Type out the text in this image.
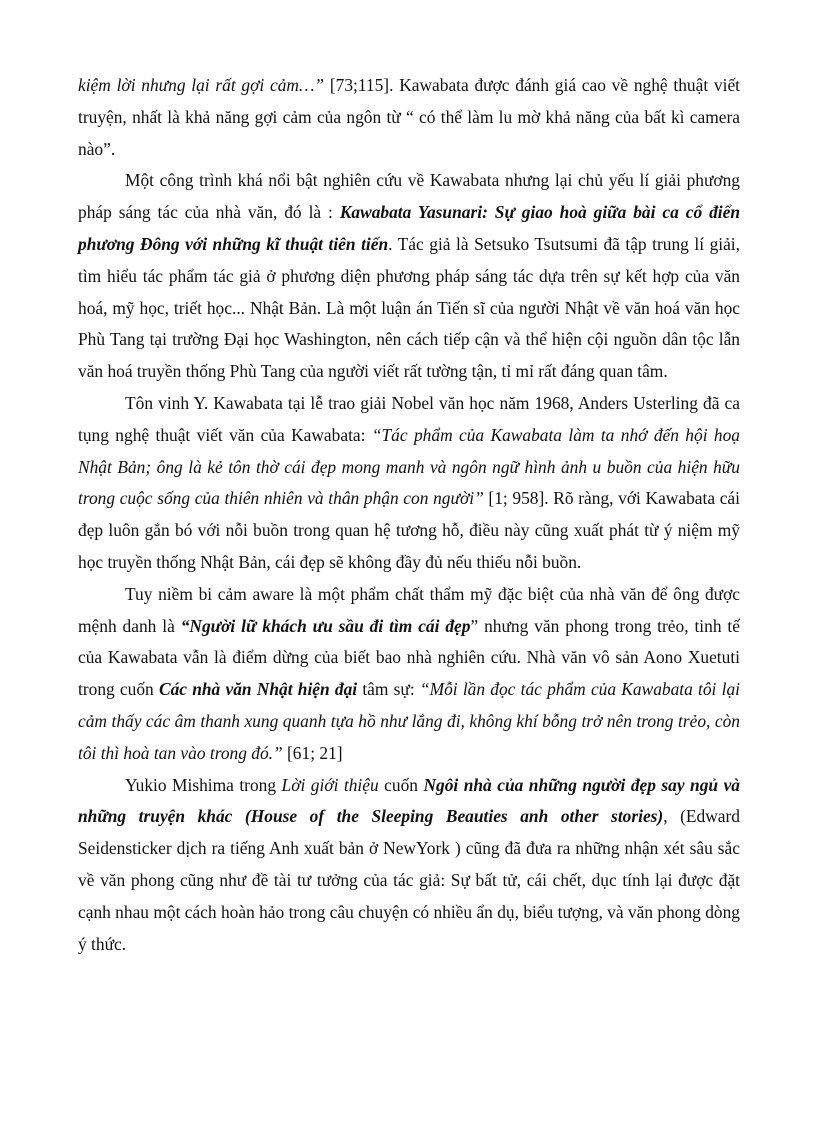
kiệm lời nhưng lại rất gợi cảm…” [73;115]. Kawabata được đánh giá cao về nghệ thuật viết truyện, nhất là khả năng gợi cảm của ngôn từ “ có thể làm lu mờ khả năng của bất kì camera nào”.

Một công trình khá nổi bật nghiên cứu về Kawabata nhưng lại chủ yếu lí giải phương pháp sáng tác của nhà văn, đó là : Kawabata Yasunari: Sự giao hoà giữa bài ca cổ điển phương Đông với những kĩ thuật tiên tiến. Tác giả là Setsuko Tsutsumi đã tập trung lí giải, tìm hiểu tác phẩm tác giả ở phương diện phương pháp sáng tác dựa trên sự kết hợp của văn hoá, mỹ học, triết học... Nhật Bản. Là một luận án Tiến sĩ của người Nhật về văn hoá văn học Phù Tang tại trường Đại học Washington, nên cách tiếp cận và thể hiện cội nguồn dân tộc lẫn văn hoá truyền thống Phù Tang của người viết rất tường tận, tỉ mỉ rất đáng quan tâm.

Tôn vinh Y. Kawabata tại lễ trao giải Nobel văn học năm 1968, Anders Usterling đã ca tụng nghệ thuật viết văn của Kawabata: “Tác phẩm của Kawabata làm ta nhớ đến hội hoạ Nhật Bản; ông là kẻ tôn thờ cái đẹp mong manh và ngôn ngữ hình ảnh u buồn của hiện hữu trong cuộc sống của thiên nhiên và thân phận con người” [1; 958]. Rõ ràng, với Kawabata cái đẹp luôn gắn bó với nỗi buồn trong quan hệ tương hỗ, điều này cũng xuất phát từ ý niệm mỹ học truyền thống Nhật Bản, cái đẹp sẽ không đầy đủ nếu thiếu nỗi buồn.

Tuy niềm bi cảm aware là một phẩm chất thẩm mỹ đặc biệt của nhà văn để ông được mệnh danh là “Người lữ khách ưu sầu đi tìm cái đẹp” nhưng văn phong trong trẻo, tinh tế của Kawabata vẫn là điểm dừng của biết bao nhà nghiên cứu. Nhà văn vô sản Aono Xuetuti trong cuốn Các nhà văn Nhật hiện đại tâm sự: “Mỗi lần đọc tác phẩm của Kawabata tôi lại cảm thấy các âm thanh xung quanh tựa hồ như lắng đi, không khí bỗng trở nên trong trẻo, còn tôi thì hoà tan vào trong đó.” [61; 21]

Yukio Mishima trong Lời giới thiệu cuốn Ngôi nhà của những người đẹp say ngủ và những truyện khác (House of the Sleeping Beauties anh other stories), (Edward Seidensticker dịch ra tiếng Anh xuất bản ở NewYork ) cũng đã đưa ra những nhận xét sâu sắc về văn phong cũng như đề tài tư tưởng của tác giả: Sự bất tử, cái chết, dục tính lại được đặt cạnh nhau một cách hoàn hảo trong câu chuyện có nhiều ẩn dụ, biểu tượng, và văn phong dòng ý thức.
